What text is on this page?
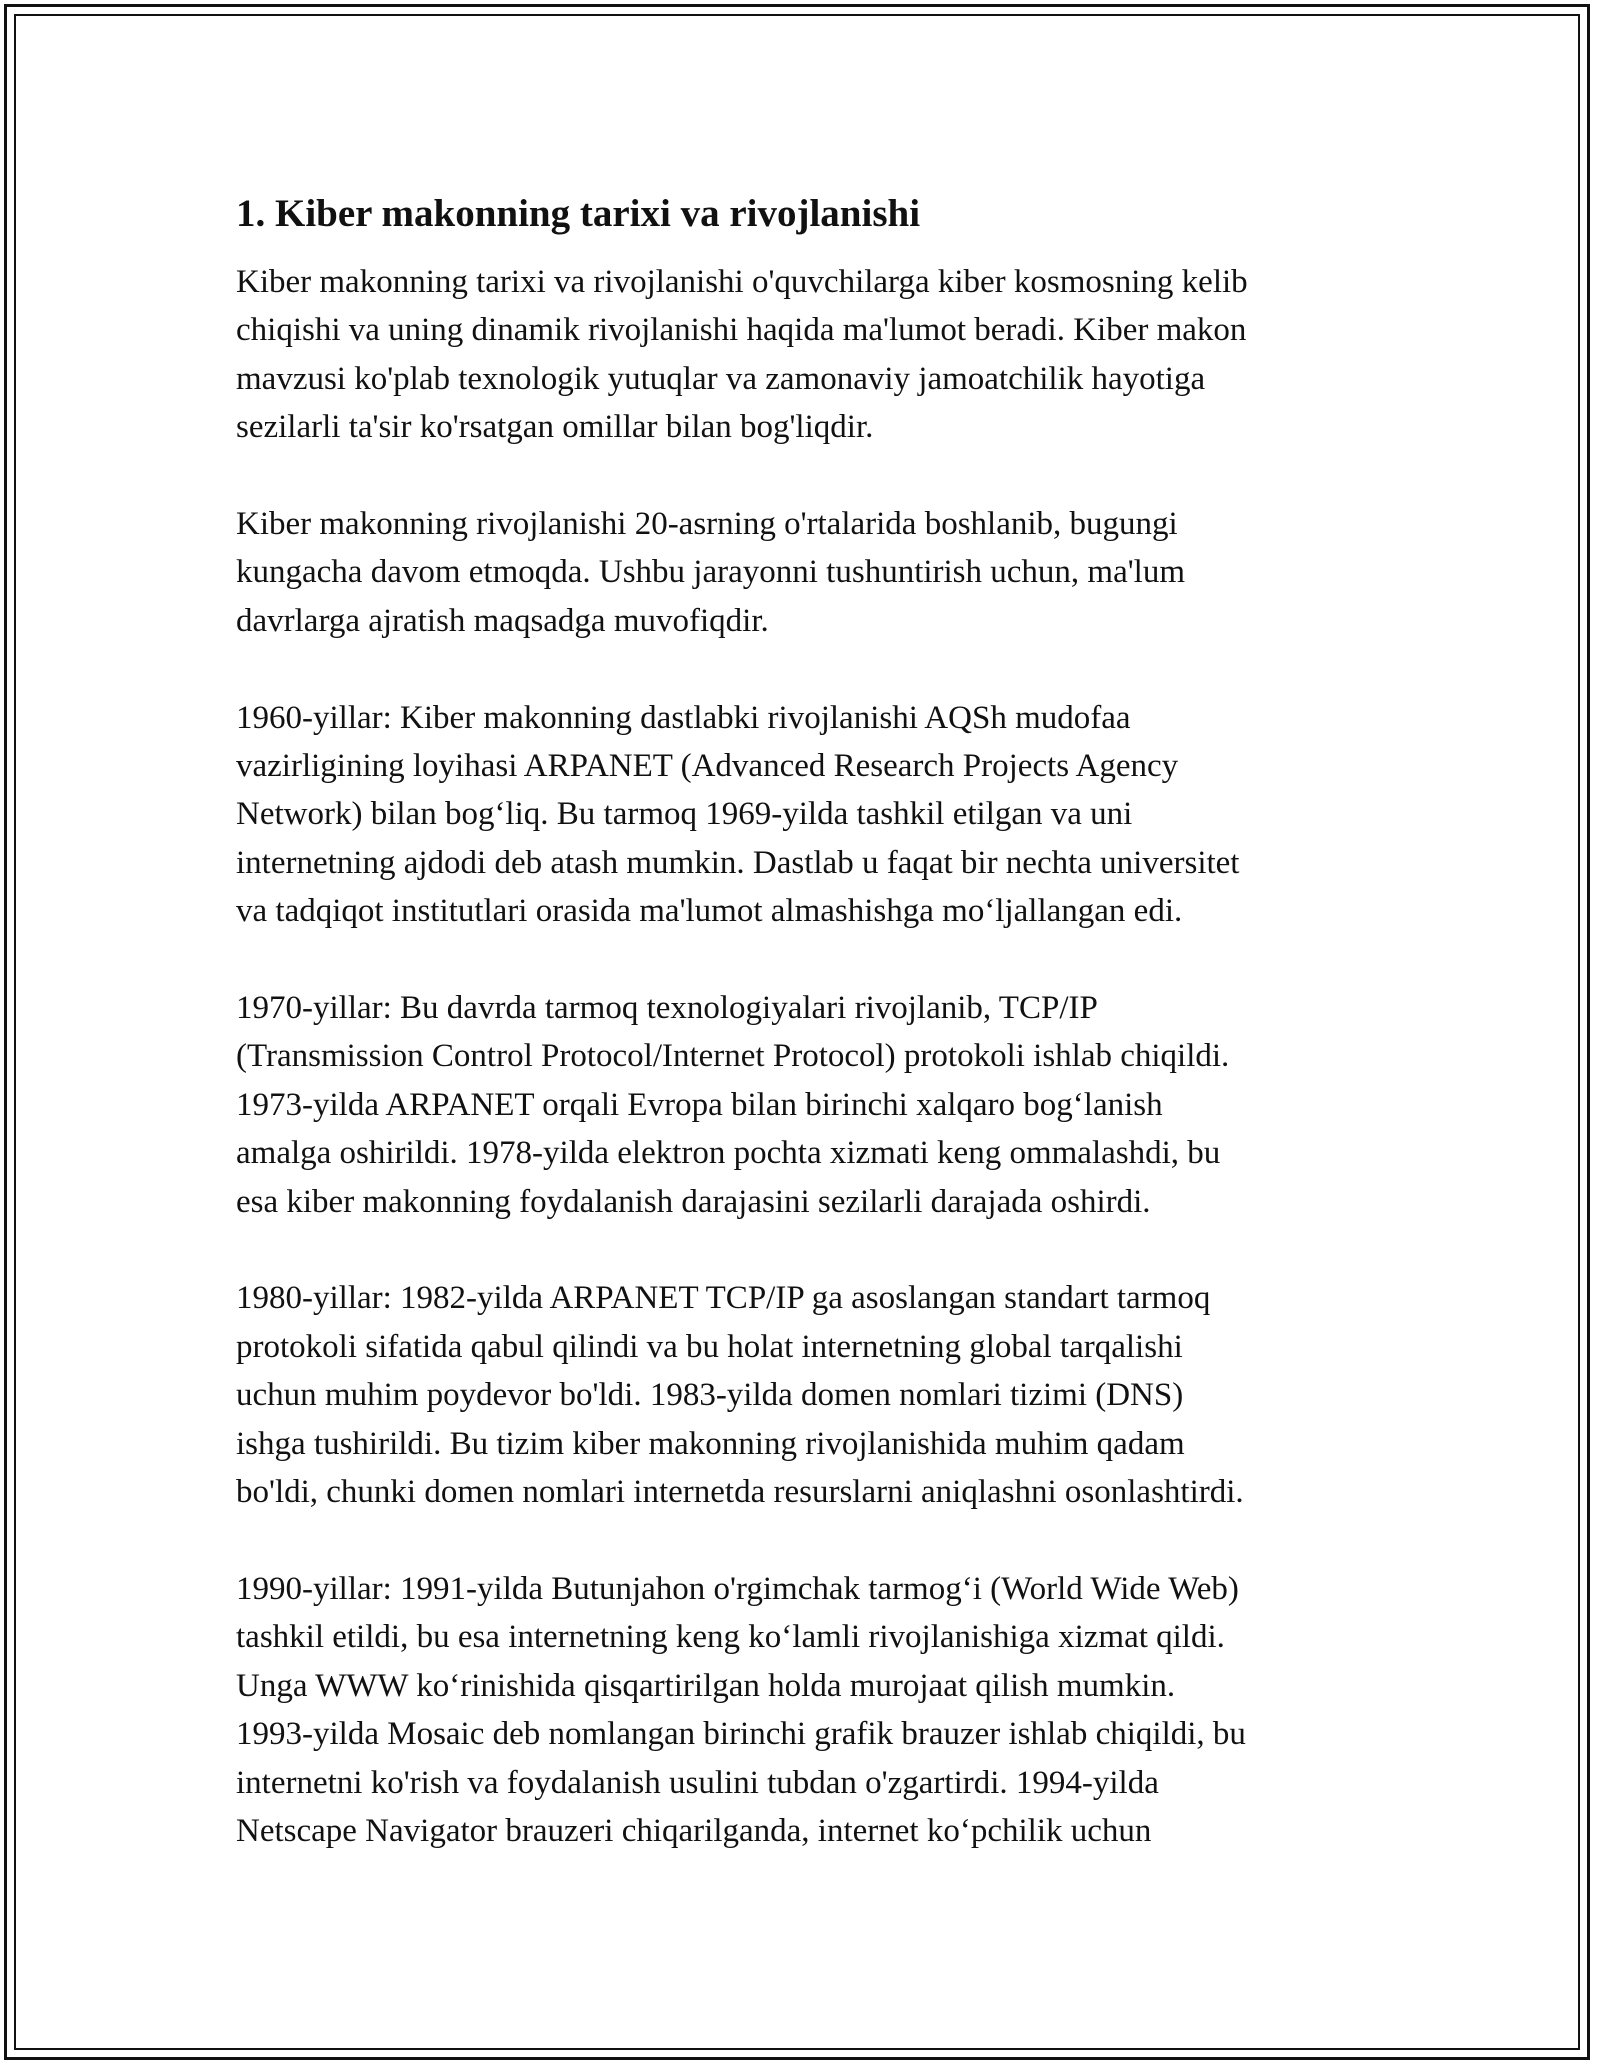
1. Kiber makonning tarixi va rivojlanishi

Kiber makonning tarixi va rivojlanishi o'quvchilarga kiber kosmosning kelib
chiqishi va uning dinamik rivojlanishi haqida ma'lumot beradi. Kiber makon
mavzusi ko'plab texnologik yutuqlar va zamonaviy jamoatchilik hayotiga
sezilarli ta'sir ko'rsatgan omillar bilan bog'liqdir.

Kiber makonning rivojlanishi 20-asrning o'rtalarida boshlanib, bugungi
kungacha davom etmoqda. Ushbu jarayonni tushuntirish uchun, ma'lum
davrlarga ajratish maqsadga muvofiqdir.

1960-yillar: Kiber makonning dastlabki rivojlanishi AQSh mudofaa
vazirligining loyihasi ARPANET (Advanced Research Projects Agency
Network) bilan bog‘liq. Bu tarmoq 1969-yilda tashkil etilgan va uni
internetning ajdodi deb atash mumkin. Dastlab u faqat bir nechta universitet
va tadqiqot institutlari orasida ma'lumot almashishga mo‘ljallangan edi.

1970-yillar: Bu davrda tarmoq texnologiyalari rivojlanib, TCP/IP
(Transmission Control Protocol/Internet Protocol) protokoli ishlab chiqildi.
1973-yilda ARPANET orqali Evropa bilan birinchi xalqaro bog‘lanish
amalga oshirildi. 1978-yilda elektron pochta xizmati keng ommalashdi, bu
esa kiber makonning foydalanish darajasini sezilarli darajada oshirdi.

1980-yillar: 1982-yilda ARPANET TCP/IP ga asoslangan standart tarmoq
protokoli sifatida qabul qilindi va bu holat internetning global tarqalishi
uchun muhim poydevor bo'ldi. 1983-yilda domen nomlari tizimi (DNS)
ishga tushirildi. Bu tizim kiber makonning rivojlanishida muhim qadam
bo'ldi, chunki domen nomlari internetda resurslarni aniqlashni osonlashtirdi.

1990-yillar: 1991-yilda Butunjahon o'rgimchak tarmog‘i (World Wide Web)
tashkil etildi, bu esa internetning keng ko‘lamli rivojlanishiga xizmat qildi.
Unga WWW ko‘rinishida qisqartirilgan holda murojaat qilish mumkin.
1993-yilda Mosaic deb nomlangan birinchi grafik brauzer ishlab chiqildi, bu
internetni ko'rish va foydalanish usulini tubdan o'zgartirdi. 1994-yilda
Netscape Navigator brauzeri chiqarilganda, internet ko‘pchilik uchun
